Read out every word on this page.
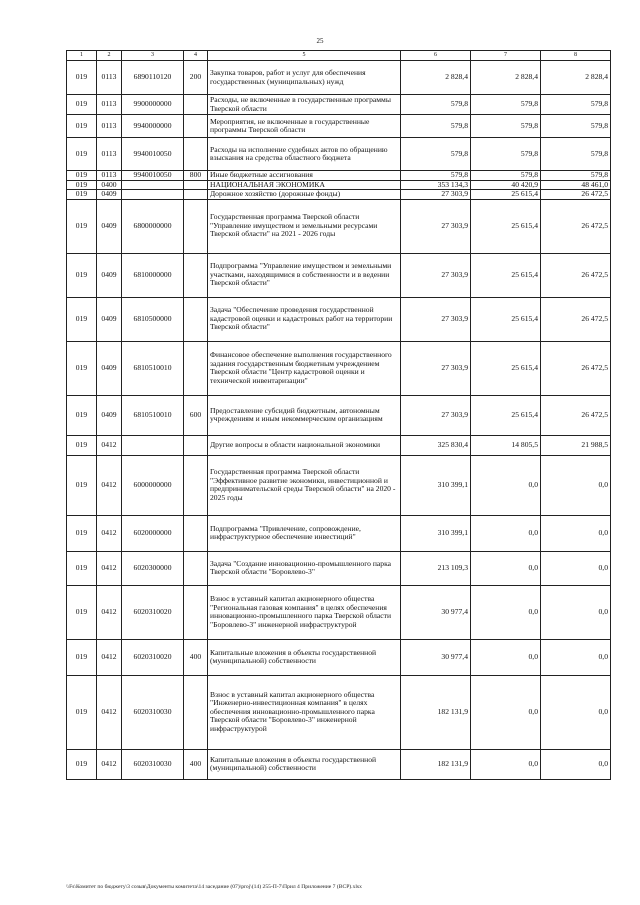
25
1	2	3	4	5	6	7	8
019	0113	6890110120	200	Закупка товаров, работ и услуг для обеспечения государственных (муниципальных) нужд	2 828,4	2 828,4	2 828,4
019	0113	9900000000		Расходы, не включенные в государственные программы Тверской области	579,8	579,8	579,8
019	0113	9940000000		Мероприятия, не включенные в государственные программы Тверской области	579,8	579,8	579,8
019	0113	9940010050		Расходы на исполнение судебных актов по обращению взыскания на средства областного бюджета	579,8	579,8	579,8
019	0113	9940010050	800	Иные бюджетные ассигнования	579,8	579,8	579,8
019	0400			НАЦИОНАЛЬНАЯ ЭКОНОМИКА	353 134,3	40 420,9	48 461,0
019	0409			Дорожное хозяйство (дорожные фонды)	27 303,9	25 615,4	26 472,5
019	0409	6800000000		Государственная программа Тверской области "Управление имуществом и земельными ресурсами Тверской области" на 2021 - 2026 годы	27 303,9	25 615,4	26 472,5
019	0409	6810000000		Подпрограмма "Управление имуществом и земельными участками, находящимися в собственности и в ведении Тверской области"	27 303,9	25 615,4	26 472,5
019	0409	6810500000		Задача "Обеспечение проведения государственной кадастровой оценки и кадастровых работ на территории Тверской области"	27 303,9	25 615,4	26 472,5
019	0409	6810510010		Финансовое обеспечение выполнения государственного задания государственным бюджетным учреждением Тверской области "Центр кадастровой оценки и технической инвентаризации"	27 303,9	25 615,4	26 472,5
019	0409	6810510010	600	Предоставление субсидий бюджетным, автономным учреждениям и иным некоммерческим организациям	27 303,9	25 615,4	26 472,5
019	0412			Другие вопросы в области национальной экономики	325 830,4	14 805,5	21 988,5
019	0412	6000000000		Государственная программа Тверской области "Эффективное развитие экономики, инвестиционной и предпринимательской среды Тверской области" на 2020 - 2025 годы	310 399,1	0,0	0,0
019	0412	6020000000		Подпрограмма "Привлечение, сопровождение, инфраструктурное обеспечение инвестиций"	310 399,1	0,0	0,0
019	0412	6020300000		Задача "Создание инновационно-промышленного парка Тверской области "Боровлево-3"	213 109,3	0,0	0,0
019	0412	6020310020		Взнос в уставный капитал акционерного общества "Региональная газовая компания" в целях обеспечения инновационно-промышленного парка Тверской области "Боровлево-3" инженерной инфраструктурой	30 977,4	0,0	0,0
019	0412	6020310020	400	Капитальные вложения в объекты государственной (муниципальной) собственности	30 977,4	0,0	0,0
019	0412	6020310030		Взнос в уставный капитал акционерного общества "Инженерно-инвестиционная компания" в целях обеспечения инновационно-промышленного парка Тверской области "Боровлево-3" инженерной инфраструктурой	182 131,9	0,0	0,0
019	0412	6020310030	400	Капитальные вложения в объекты государственной (муниципальной) собственности	182 131,9	0,0	0,0
\\Fs\Комитет по бюджету\3 созыв\Документы комитета\14 заседание (07)\proj\(14) 255-П-7\Прил 4 Приложение 7 (ВСР).xlsx
